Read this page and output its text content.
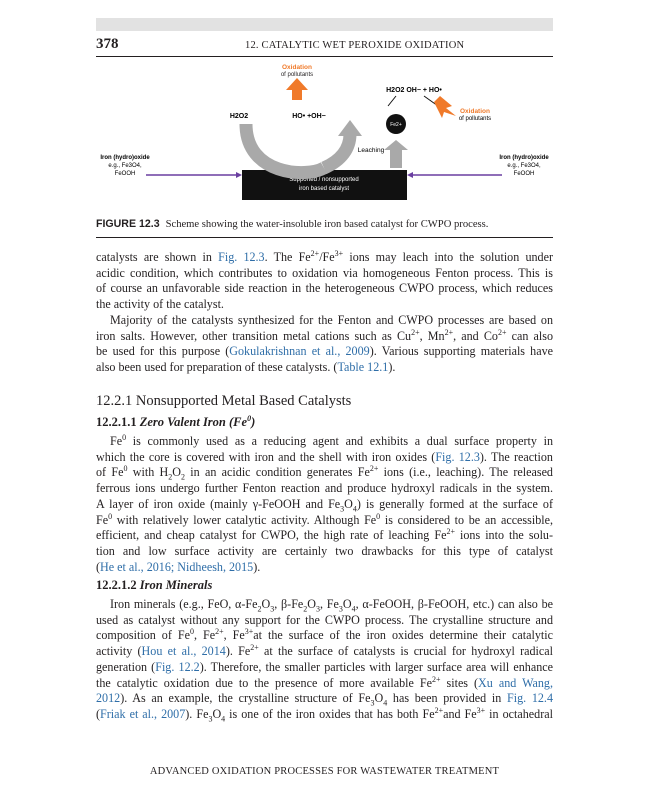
378	12. CATALYTIC WET PEROXIDE OXIDATION
Supported / nonsupported
iron based catalyst
Oxidation
of pollutants
H2O2	HO• +OH−
H2O2 OH− + HO•
Oxidation
of pollutants
Fe2+
Leaching
Iron (hydro)oxide
e.g., Fe3O4,
FeOOH
Iron (hydro)oxide
e.g., Fe3O4,
FeOOH
FIGURE 12.3 Scheme showing the water-insoluble iron based catalyst for CWPO process.
catalysts are shown in Fig. 12.3. The $Fe^{2+}/Fe^{3+}$ ions may leach into the solution under
acidic condition, which contributes to oxidation via homogeneous Fenton process. This is
of course an unfavorable side reaction in the heterogeneous CWPO process, which reduces
the activity of the catalyst.
Majority of the catalysts synthesized for the Fenton and CWPO processes are based on
iron salts. However, other transition metal cations such as $Cu^{2+}$, $Mn^{2+}$, and $Co^{2+}$ can also
be used for this purpose (Gokulakrishnan et al., 2009). Various supporting materials have
also been used for preparation of these catalysts. (Table 12.1).
12.2.1 Nonsupported Metal Based Catalysts
12.2.1.1 Zero Valent Iron (Fe$^0$)
Fe$^0$ is commonly used as a reducing agent and exhibits a dual surface property in
which the core is covered with iron and the shell with iron oxides (Fig. 12.3). The reaction
of Fe$^0$ with $H_2O_2$ in an acidic condition generates $Fe^{2+}$ ions (i.e., leaching). The released
ferrous ions undergo further Fenton reaction and produce hydroxyl radicals in the system.
A layer of iron oxide (mainly γ-FeOOH and $Fe_3O_4$) is generally formed at the surface of
Fe$^0$ with relatively lower catalytic activity. Although Fe$^0$ is considered to be an accessible,
efficient, and cheap catalyst for CWPO, the high rate of leaching $Fe^{2+}$ ions into the solu-
tion and low surface activity are certainly two drawbacks for this type of catalyst
(He et al., 2016; Nidheesh, 2015).
12.2.1.2 Iron Minerals
Iron minerals (e.g., FeO, $\alpha-Fe_2O_3$, $\beta-Fe_2O_3$, $Fe_3O_4$, α-FeOOH, β-FeOOH, etc.) can also be
used as catalyst without any support for the CWPO process. The crystalline structure and
composition of Fe$^0$, $Fe^{2+}$, $Fe^{3+}at$ the surface of the iron oxides determine their catalytic
activity (Hou et al., 2014). $Fe^{2+}$ at the surface of catalysts is crucial for hydroxyl radical
generation (Fig. 12.2). Therefore, the smaller particles with larger surface area will enhance
the catalytic oxidation due to the presence of more available $Fe^{2+}$ sites (Xu and Wang,
2012). As an example, the crystalline structure of $Fe_3O_4$ has been provided in Fig. 12.4
(Friak et al., 2007). $Fe_3O_4$ is one of the iron oxides that has both $Fe^{2+}and$ $Fe^{3+}$ in octahedral
ADVANCED OXIDATION PROCESSES FOR WASTEWATER TREATMENT
